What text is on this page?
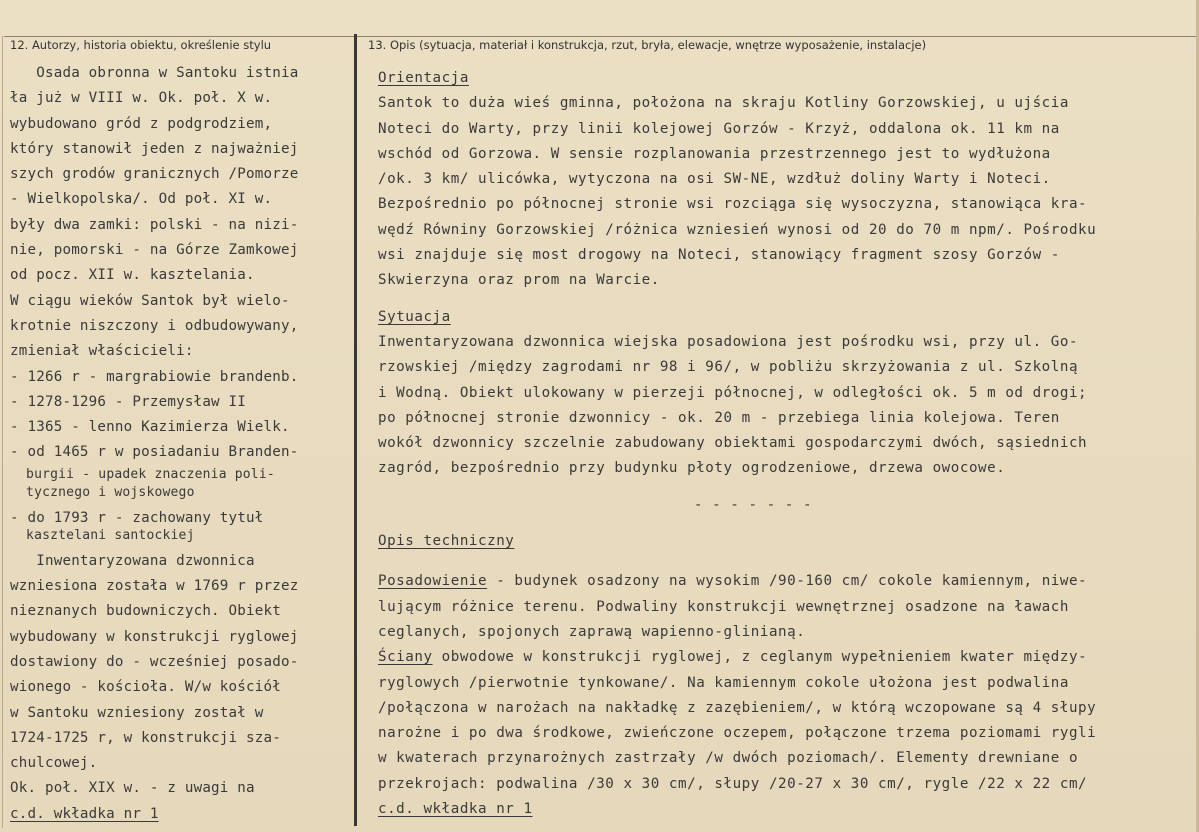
12. Autorzy, historia obiektu, określenie stylu	13. Opis (sytuacja, materiał i konstrukcja, rzut, bryła, elewacje, wnętrze wyposażenie, instalacje)
Osada obronna w Santoku istnia
ła już w VIII w. Ok. poł. X w.
wybudowano gród z podgrodziem,
który stanowił jeden z najważniej
szych grodów granicznych /Pomorze
- Wielkopolska/. Od poł. XI w.
były dwa zamki: polski - na nizi-
nie, pomorski - na Górze Zamkowej
od pocz. XII w. kasztelania.
W ciągu wieków Santok był wielo-
krotnie niszczony i odbudowywany,
zmieniał właścicieli:
- 1266 r - margrabiowie brandenb.
- 1278-1296 - Przemysław II
- 1365 - lenno Kazimierza Wielk.
- od 1465 r w posiadaniu Branden-
burgii - upadek znaczenia poli-
tycznego i wojskowego
- do 1793 r - zachowany tytuł
kasztelani santockiej
Inwentaryzowana dzwonnica
wzniesiona została w 1769 r przez
nieznanych budowniczych. Obiekt
wybudowany w konstrukcji ryglowej
dostawiony do - wcześniej posado-
wionego - kościoła. W/w kościół
w Santoku wzniesiony został w
1724-1725 r, w konstrukcji sza-
chulcowej.
Ok. poł. XIX w. - z uwagi na
c.d. wkładka nr 1
Orientacja
Santok to duża wieś gminna, położona na skraju Kotliny Gorzowskiej, u ujścia
Noteci do Warty, przy linii kolejowej Gorzów - Krzyż, oddalona ok. 11 km na
wschód od Gorzowa. W sensie rozplanowania przestrzennego jest to wydłużona
/ok. 3 km/ ulicówka, wytyczona na osi SW-NE, wzdłuż doliny Warty i Noteci.
Bezpośrednio po północnej stronie wsi rozciąga się wysoczyzna, stanowiąca kra-
wędź Równiny Gorzowskiej /różnica wzniesień wynosi od 20 do 70 m npm/. Pośrodku
wsi znajduje się most drogowy na Noteci, stanowiący fragment szosy Gorzów -
Skwierzyna oraz prom na Warcie.
Sytuacja
Inwentaryzowana dzwonnica wiejska posadowiona jest pośrodku wsi, przy ul. Go-
rzowskiej /między zagrodami nr 98 i 96/, w pobliżu skrzyżowania z ul. Szkolną
i Wodną. Obiekt ulokowany w pierzeji północnej, w odległości ok. 5 m od drogi;
po północnej stronie dzwonnicy - ok. 20 m - przebiega linia kolejowa. Teren
wokół dzwonnicy szczelnie zabudowany obiektami gospodarczymi dwóch, sąsiednich
zagród, bezpośrednio przy budynku płoty ogrodzeniowe, drzewa owocowe.
- - - - - - -
Opis techniczny
Posadowienie - budynek osadzony na wysokim /90-160 cm/ cokole kamiennym, niwe-
lującym różnice terenu. Podwaliny konstrukcji wewnętrznej osadzone na ławach
ceglanych, spojonych zaprawą wapienno-glinianą.
Ściany obwodowe w konstrukcji ryglowej, z ceglanym wypełnieniem kwater między-
ryglowych /pierwotnie tynkowane/. Na kamiennym cokole ułożona jest podwalina
/połączona w narożach na nakładkę z zazębieniem/, w którą wczopowane są 4 słupy
narożne i po dwa środkowe, zwieńczone oczepem, połączone trzema poziomami rygli
w kwaterach przynarożnych zastrzały /w dwóch poziomach/. Elementy drewniane o
przekrojach: podwalina /30 x 30 cm/, słupy /20-27 x 30 cm/, rygle /22 x 22 cm/
c.d. wkładka nr 1
